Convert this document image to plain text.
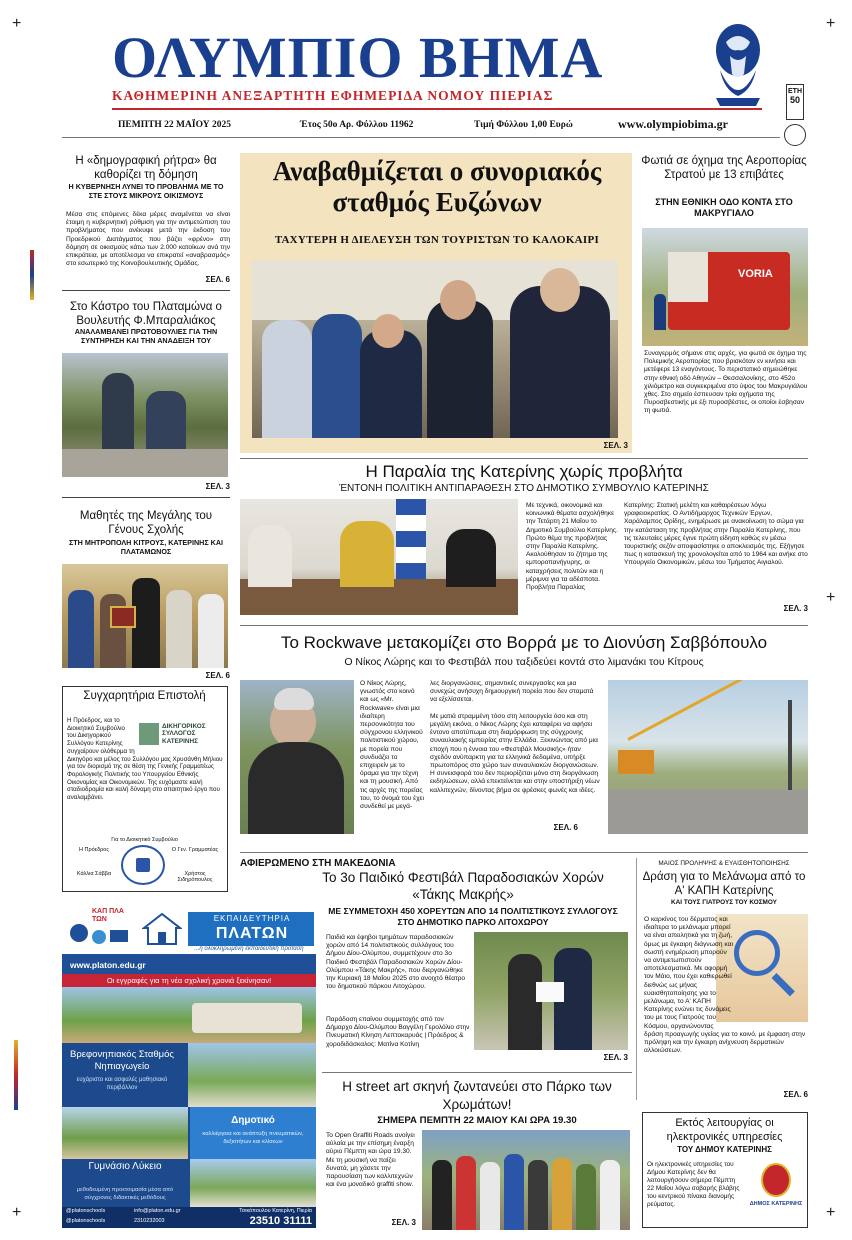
+	+
+	+
+
ΟΛΥΜΠΙΟ ΒΗΜΑ
ΚΑΘΗΜΕΡΙΝΗ ΑΝΕΞΑΡΤΗΤΗ ΕΦΗΜΕΡΙΔΑ ΝΟΜΟΥ ΠΙΕΡΙΑΣ	ΕΤΗ
50
ΠΕΜΠΤΗ 22 ΜΑΪΟΥ 2025	Έτος 50ο Αρ. Φύλλου 11962	Τιμή Φύλλου 1,00 Ευρώ	www.olympiobima.gr
Η «δημογραφική ρήτρα» θα καθορίζει τη δόμηση
Η ΚΥΒΕΡΝΗΣΗ ΛΥΝΕΙ ΤΟ ΠΡΟΒΛΗΜΑ ΜΕ ΤΟ ΣΤΕ ΣΤΟΥΣ ΜΙΚΡΟΥΣ ΟΙΚΙΣΜΟΥΣ
Μέσα στις επόμενες δέκα μέρες αναμένεται να είναι έτοιμη η κυβερνητική ρύθμιση για την αντιμετώπιση του προβλήματος που ανέκυψε μετά την έκδοση του Προεδρικού Διατάγματος που βάζει «φρένο» στη δόμηση σε οικισμούς κάτω των 2.000 κατοίκων ανά την επικράτεια, με αποτέλεσμα να επικρατεί «αναβρασμός» στο εσωτερικό της Κοινοβουλευτικής Ομάδας.
ΣΕΛ. 6
Στο Κάστρο του Πλαταμώνα ο Βουλευτής Φ.Μπαραλιάκος
ΑΝΑΛΑΜΒΑΝΕΙ ΠΡΩΤΟΒΟΥΛΙΕΣ ΓΙΑ ΤΗΝ ΣΥΝΤΗΡΗΣΗ ΚΑΙ ΤΗΝ ΑΝΑΔΕΙΞΗ ΤΟΥ
ΣΕΛ. 3
Μαθητές της Μεγάλης του Γένους Σχολής
ΣΤΗ ΜΗΤΡΟΠΟΛΗ ΚΙΤΡΟΥΣ, ΚΑΤΕΡΙΝΗΣ ΚΑΙ ΠΛΑΤΑΜΩΝΟΣ
ΣΕΛ. 6
Συγχαρητήρια Επιστολή
ΔΙΚΗΓΟΡΙΚΟΣ
ΣΥΛΛΟΓΟΣ
ΚΑΤΕΡΙΝΗΣ
Η Πρόεδρος, και το Διοικητικό Συμβούλιο του Δικηγορικού Συλλόγου Κατερίνης συγχαίρουν ολόθερμα τη Δικηγόρο και μέλος του Συλλόγου μας Χρυσάνθη Μήλιου για τον διορισμό της σε θέση της Γενικής Γραμματέως Φορολογικής Πολιτικής του Υπουργείου Εθνικής Οικονομίας και Οικονομικών. Της ευχόμαστε καλή σταδιοδρομία και καλή δύναμη στο απαιτητικό έργο που αναλαμβάνει.
Για το Διοικητικό Συμβούλιο
Η Πρόεδρος
Κάλλια Σάββα
Ο Γεν. Γραμματέας
Χρήστος Σιδηρόπουλος
Αναβαθμίζεται ο συνοριακός σταθμός Ευζώνων
ΤΑΧΥΤΕΡΗ Η ΔΙΕΛΕΥΣΗ ΤΩΝ ΤΟΥΡΙΣΤΩΝ ΤΟ ΚΑΛΟΚΑΙΡΙ
ΣΕΛ. 3
Φωτιά σε όχημα της Αεροπορίας Στρατού με 13 επιβάτες
ΣΤΗΝ ΕΘΝΙΚΗ ΟΔΟ ΚΟΝΤΑ ΣΤΟ ΜΑΚΡΥΓΙΑΛΟ
VORIA
Συναγερμός σήμανε στις αρχές, για φωτιά σε όχημα της Πολεμικής Αεροπορίας που βρισκόταν εν κινήσει και μετέφερε 13 εναγόντους. Το περιστατικό σημειώθηκε στην εθνική οδό Αθηνών – Θεσσαλονίκης, στο 452ο χιλιόμετρο και συγκεκριμένα στο ύψος του Μακρυγιάλου χθες. Στο σημείο έσπευσαν τρία οχήματα της Πυροσβεστικής με έξι πυροσβέστες, οι οποίοι έσβησαν τη φωτιά.
Η Παραλία της Κατερίνης χωρίς προβλήτα
ΈΝΤΟΝΗ ΠΟΛΙΤΙΚΗ ΑΝΤΙΠΑΡΑΘΕΣΗ ΣΤΟ ΔΗΜΟΤΙΚΟ ΣΥΜΒΟΥΛΙΟ ΚΑΤΕΡΙΝΗΣ
Με τεχνικά, οικονομικά και κοινωνικά θέματα ασχολήθηκε την Τετάρτη 21 Μαΐου το Δημοτικό Συμβούλιο Κατερίνης. Πρώτο θέμα της προβλήτας στην Παραλία Κατερίνης. Ακολούθησαν το ζήτημα της εμποροπανήγυρης, οι καταχρήσεις πολιτών και η μέριμνα για τα αδέσποτα.
Προβλήτα Παραλίας
Κατερίνης: Στατική μελέτη και καθαιρέσεων λόγω γραφειοκρατίας. Ο Αντιδήμαρχος Τεχνικών Έργων, Χαράλαμπος Ορίδης, ενημέρωσε με ανακοίνωση το σώμα για την κατάσταση της προβλήτας στην Παραλία Κατερίνης, που τις τελευταίες μέρες έγινε πρώτη είδηση καθώς εν μέσω τουριστικής σεζόν αποφασίστηκε ο αποκλεισμός της. Εξήγησε πως η κατασκευή της χρονολογείται από το 1964 και ανήκε στο Υπουργείο Οικονομικών, μέσω του Τμήματος Αιγιαλού.
ΣΕΛ. 3
Το Rockwave μετακομίζει στο Βορρά με το Διονύση Σαββόπουλο
Ο Νίκος Λώρης και το Φεστιβάλ που ταξιδεύει κοντά στο λιμανάκι του Κίτρους
Ο Νίκος Λώρης, γνωστός στο κοινό και ως «Mr. Rockwave» είναι μια ιδιαίτερη περσονικότητα του σύγχρονου ελληνικού πολιτιστικού χώρου, με πορεία που συνδυάζει το επιχειρείν με το όραμα για την τέχνη και τη μουσική. Από τις αρχές της πορείας του, το όνομά του έχει συνδεθεί με μεγά-
λες διοργανώσεις, σημαντικές συνεργασίες και μια συνεχώς ανήσυχη δημιουργική πορεία που δεν σταματά να εξελίσσεται.

Με ματιά στραμμένη τόσο στη λειτουργεία όσο και στη μεγάλη εικόνα, ο Νίκος Λώρης έχει καταφέρει να αφήσει έντονο αποτύπωμα στη διαμόρφωση της σύγχρονης συναυλιακής εμπειρίας στην Ελλάδα. Ξεκινώντας από μια εποχή που η έννοια του «Φεστιβάλ Μουσικής» ήταν σχεδόν ανύπαρκτη για τα ελληνικά δεδομένα, υπήρξε πρωτοπόρος στο χώρο των συναυλιακών διοργανώσεων. Η συνεισφορά του δεν περιορίζεται μόνο στη διοργάνωση εκδηλώσεων, αλλά επεκτείνεται και στην υποστήριξη νέων καλλιτεχνών, δίνοντας βήμα σε φρέσκες φωνές και ιδέες.
ΣΕΛ. 6
ΑΦΙΕΡΩΜΕΝΟ ΣΤΗ ΜΑΚΕΔΟΝΙΑ
Το 3ο Παιδικό Φεστιβάλ Παραδοσιακών Χορών «Τάκης Μακρής»
ΜΕ ΣΥΜΜΕΤΟΧΗ 450 ΧΟΡΕΥΤΩΝ ΑΠΟ 14 ΠΟΛΙΤΙΣΤΙΚΟΥΣ ΣΥΛΛΟΓΟΥΣ ΣΤΟ ΔΗΜΟΤΙΚΟ ΠΑΡΚΟ ΛΙΤΟΧΩΡΟΥ
Παιδιά και έφηβοι τμημάτων παραδοσιακών χορών από 14 πολιτιστικούς συλλόγους του Δήμου Δίου-Ολύμπου, συμμετέχουν στο 3ο Παιδικό Φεστιβάλ Παραδοσιακών Χορών Δίου-Ολύμπου «Τάκης Μακρής», που διεργανώθηκε την Κυριακή 18 Μαΐου 2025 στο ανοιχτό θέατρο του δημοτικού πάρκου Λιτοχώρου.
Παράδοση επαίνου συμμετοχής από τον Δήμαρχο Δίου-Ολύμπου Βαγγέλη Γερολόλιο στην Πνευματική Κίνηση Λεπτοκαρυάς | Πρόεδρος & χοροδιδάσκαλος: Ματίνα Κοτίνη
ΣΕΛ. 3
ΜΑΙΟΣ ΠΡΟΛΗΨΗΣ & ΕΥΑΙΣΘΗΤΟΠΟΙΗΣΗΣ
Δράση για το Μελάνωμα από το Α' ΚΑΠΗ Κατερίνης
ΚΑΙ ΤΟΥΣ ΓΙΑΤΡΟΥΣ ΤΟΥ ΚΟΣΜΟΥ
Ο καρκίνος του δέρματος και ιδιαίτερα το μελάνωμα μπορεί να είναι απειλητικά για τη ζωή, όμως με έγκαιρη διάγνωση και σωστή ενημέρωση μπορούν να αντιμετωπιστούν αποτελεσματικά. Με αφορμή τον Μάιο, που έχει καθιερωθεί διεθνώς ως μήνας ευαισθητοποίησης για το μελάνωμα, το Α' ΚΑΠΗ Κατερίνης ενώνει τις δυνάμεις του με τους Γιατρούς του Κόσμου, οργανώνοντας δράση προαγωγής υγείας για το κοινό, με έμφαση στην πρόληψη και την έγκαιρη ανίχνευση δερματικών αλλοιώσεων.
ΣΕΛ. 6
Η street art σκηνή ζωντανεύει στο Πάρκο των Χρωμάτων!
ΣΗΜΕΡΑ ΠΕΜΠΤΗ 22 ΜΑΙΟΥ ΚΑΙ ΩΡΑ 19.30
Το Open Graffiti Roads ανοίγει αύλαία με την επίσημη έναρξη αύριο Πέμπτη και ώρα 19.30. Με τη μουσική να παίζει δυνατά, μη χάσετε την παρουσίαση των καλλιτεχνών και ένα μοναδικό graffiti show.
ΣΕΛ. 3
Εκτός λειτουργίας οι ηλεκτρονικές υπηρεσίες
ΤΟΥ ΔΗΜΟΥ ΚΑΤΕΡΙΝΗΣ
Οι ηλεκτρονικές υπηρεσίες του Δήμου Κατερίνης δεν θα λειτουργήσουν σήμερα Πέμπτη 22 Μαΐου λόγω σοβαρής βλάβης του κεντρικού πίνακα διανομής ρεύματος.	ΔΗΜΟΣ ΚΑΤΕΡΙΝΗΣ
ΚΑΠ ΠΛΑ ΤΩΝ	ΕΚΠΑΙΔΕΥΤΗΡΙΑ
ΠΛΑΤΩΝ
...η ολοκληρωμένη εκπαιδευτική πρόταση
www.platon.edu.gr
Οι εγγραφές για τη νέα σχολική χρονιά ξεκίνησαν!
Βρεφονηπιακός Σταθμός Νηπιαγωγείο
ευχάριστο και ασφαλές μαθησιακό περιβάλλον
Δημοτικό
καλλιέργεια και ανάπτυξη πνευματικών, δεξιοτήτων και κλίσεων
Γυμνάσιο Λύκειο
μεθοδευμένη προετοιμασία μέσα από σύγχρονες διδακτικές μεθόδους
@platonschools	info@platon.edu.gr
@platonschools	2310232003
Τσικόπουλου Κατερίνη, Πιερία
23510 31111
